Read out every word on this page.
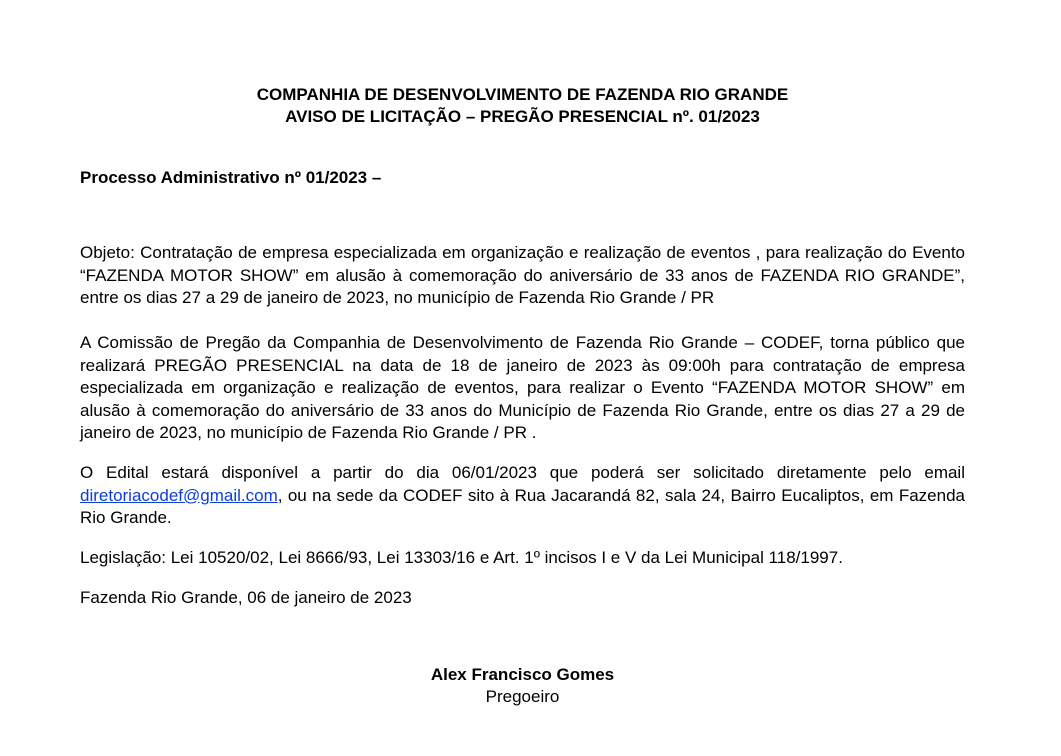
COMPANHIA DE DESENVOLVIMENTO DE FAZENDA RIO GRANDE
AVISO DE LICITAÇÃO – PREGÃO PRESENCIAL nº. 01/2023
Processo Administrativo nº 01/2023 –
Objeto: Contratação de empresa especializada em organização e realização de eventos , para realização do Evento “FAZENDA MOTOR SHOW” em alusão à comemoração do aniversário de 33 anos de FAZENDA RIO GRANDE”, entre os dias 27 a 29 de janeiro de 2023, no município de Fazenda Rio Grande / PR
A Comissão de Pregão da Companhia de Desenvolvimento de Fazenda Rio Grande – CODEF, torna público que realizará PREGÃO PRESENCIAL na data de 18 de janeiro de 2023 às 09:00h para contratação de empresa especializada em organização e realização de eventos, para realizar o Evento “FAZENDA MOTOR SHOW” em alusão à comemoração do aniversário de 33 anos do Município de Fazenda Rio Grande, entre os dias 27 a 29 de janeiro de 2023, no município de Fazenda Rio Grande / PR .
O Edital estará disponível a partir do dia 06/01/2023 que poderá ser solicitado diretamente pelo email diretoriacodef@gmail.com, ou na sede da CODEF sito à Rua Jacarandá 82, sala 24, Bairro Eucaliptos, em Fazenda Rio Grande.
Legislação: Lei 10520/02, Lei 8666/93, Lei 13303/16 e Art. 1º incisos I e V da Lei Municipal 118/1997.
Fazenda Rio Grande, 06 de janeiro de 2023
Alex Francisco Gomes
Pregoeiro
